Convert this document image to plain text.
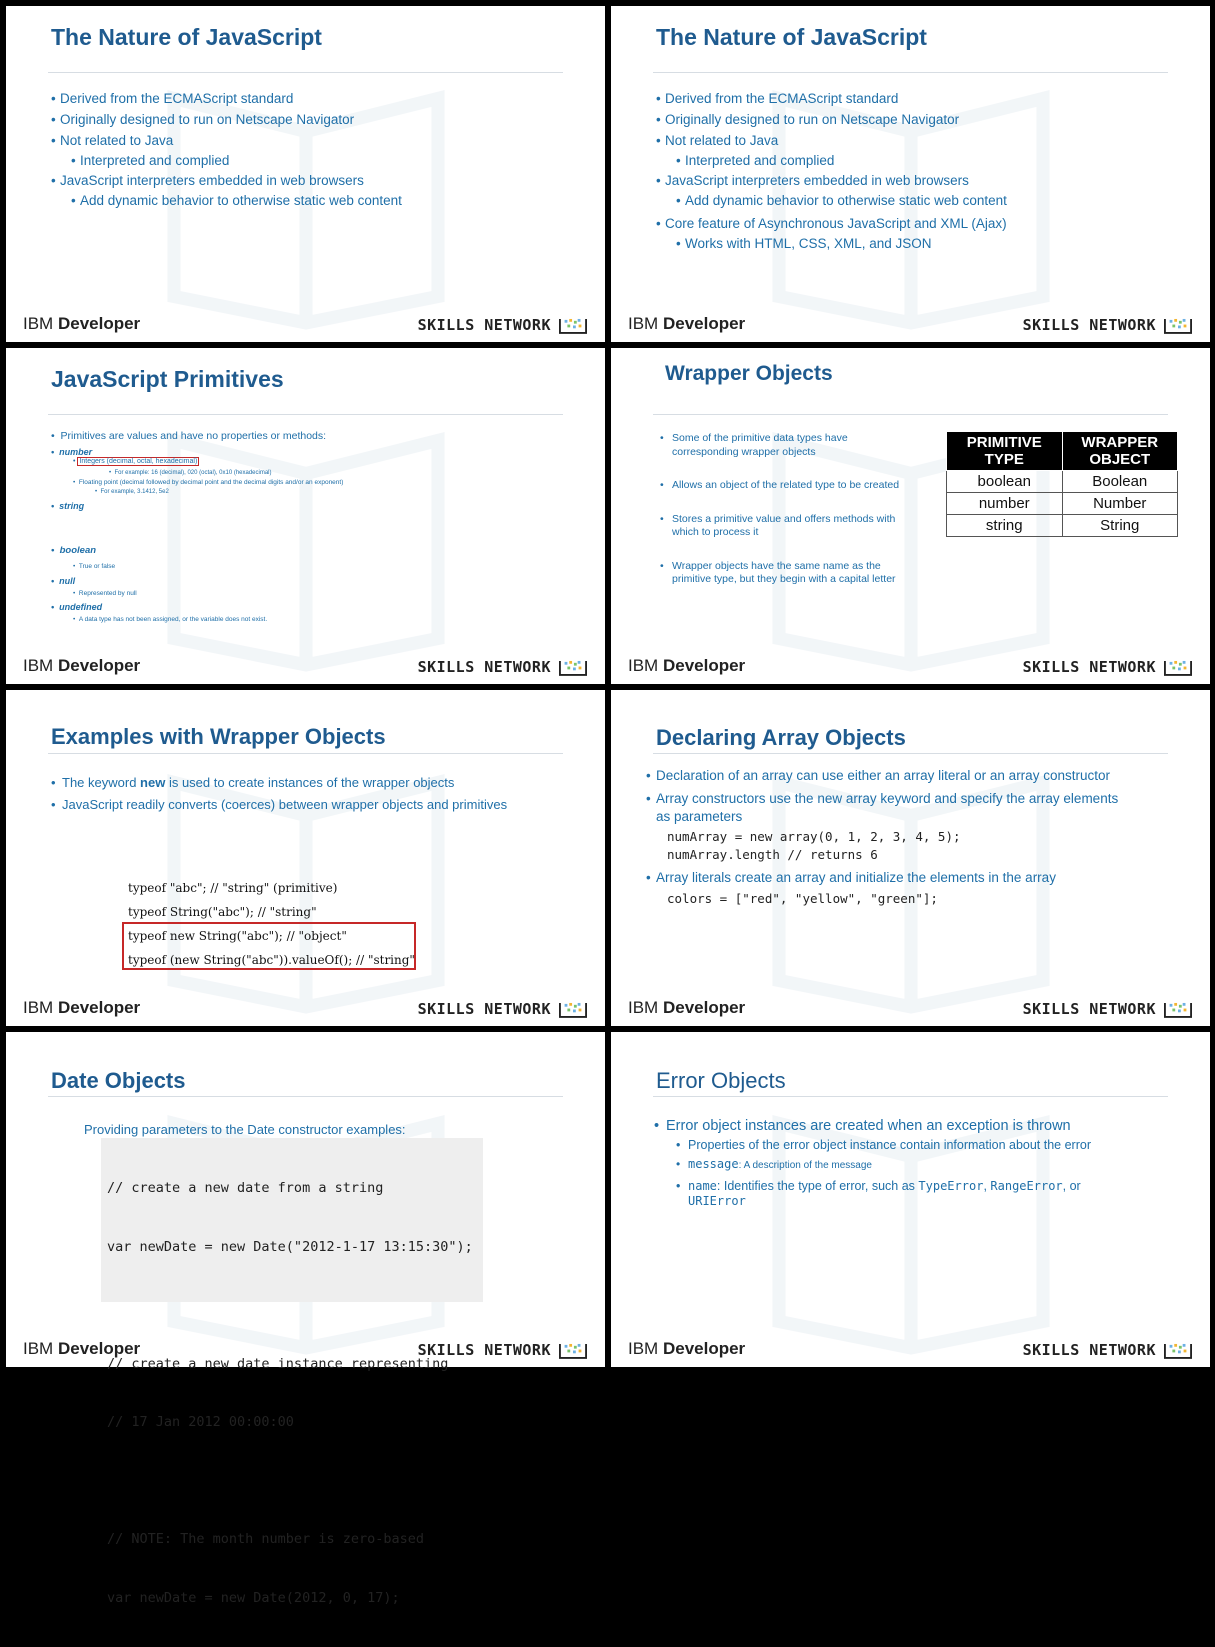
The Nature of JavaScript
• Derived from the ECMAScript standard
• Originally designed to run on Netscape Navigator
• Not related to Java
• Interpreted and complied
• JavaScript interpreters embedded in web browsers
• Add dynamic behavior to otherwise static web content
IBM Developer	SKILLS NETWORK
The Nature of JavaScript
• Derived from the ECMAScript standard
• Originally designed to run on Netscape Navigator
• Not related to Java
• Interpreted and complied
• JavaScript interpreters embedded in web browsers
• Add dynamic behavior to otherwise static web content
• Core feature of Asynchronous JavaScript and XML (Ajax)
• Works with HTML, CSS, XML, and JSON
IBM Developer	SKILLS NETWORK
JavaScript Primitives
•  Primitives are values and have no properties or methods:
•  number
• Integers (decimal, octal, hexadecimal)
•  For example: 16 (decimal), 020 (octal), 0x10 (hexadecimal)
•  Floating point (decimal followed by decimal point and the decimal digits and/or an exponent)
•  For example, 3.1412, 5e2
•  string
•  boolean
•  True or false
•  null
•  Represented by null
•  undefined
•  A data type has not been assigned, or the variable does not exist.
IBM Developer	SKILLS NETWORK
Wrapper Objects
• Some of the primitive data types have corresponding wrapper objects
• Allows an object of the related type to be created
• Stores a primitive value and offers methods with which to process it
• Wrapper objects have the same name as the primitive type, but they begin with a capital letter
PRIMITIVE TYPE	WRAPPER OBJECT
boolean	Boolean
number	Number
string	String
IBM Developer	SKILLS NETWORK
Examples with Wrapper Objects
• The keyword new is used to create instances of the wrapper objects
• JavaScript readily converts (coerces) between wrapper objects and primitives
typeof "abc"; // "string" (primitive)
typeof String("abc"); // "string"
typeof new String("abc"); // "object"
typeof (new String("abc")).valueOf(); // "string"
IBM Developer	SKILLS NETWORK
Declaring Array Objects
• Declaration of an array can use either an array literal or an array constructor
• Array constructors use the new array keyword and specify the array elements as parameters
numArray = new array(0, 1, 2, 3, 4, 5);
numArray.length // returns 6
• Array literals create an array and initialize the elements in the array
colors = ["red", "yellow", "green"];
IBM Developer	SKILLS NETWORK
Date Objects
Providing parameters to the Date constructor examples:

// create a new date from a string

var newDate = new Date("2012-1-17 13:15:30");

// create a new date instance representing

// 17 Jan 2012 00:00:00

// NOTE: The month number is zero-based

var newDate = new Date(2012, 0, 17);

IBM Developer	SKILLS NETWORK
Error Objects
• Error object instances are created when an exception is thrown
• Properties of the error object instance contain information about the error
• message: A description of the message
• name: Identifies the type of error, such as TypeError, RangeError, or
URIError
IBM Developer	SKILLS NETWORK
